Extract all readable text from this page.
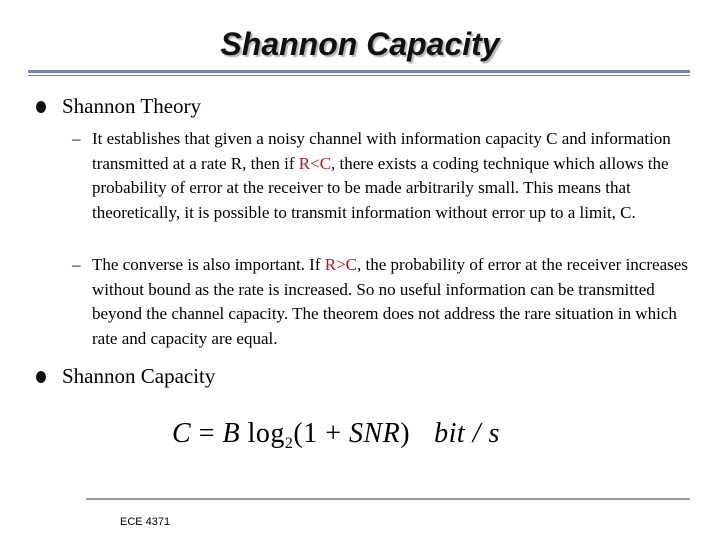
Shannon Capacity
Shannon Theory
– It establishes that given a noisy channel with information capacity C and information transmitted at a rate R, then if R<C, there exists a coding technique which allows the probability of error at the receiver to be made arbitrarily small. This means that theoretically, it is possible to transmit information without error up to a limit, C.
– The converse is also important. If R>C, the probability of error at the receiver increases without bound as the rate is increased. So no useful information can be transmitted beyond the channel capacity. The theorem does not address the rare situation in which rate and capacity are equal.
Shannon Capacity
C = B $\log_2(1 + SNR)$ bit / s
ECE 4371
